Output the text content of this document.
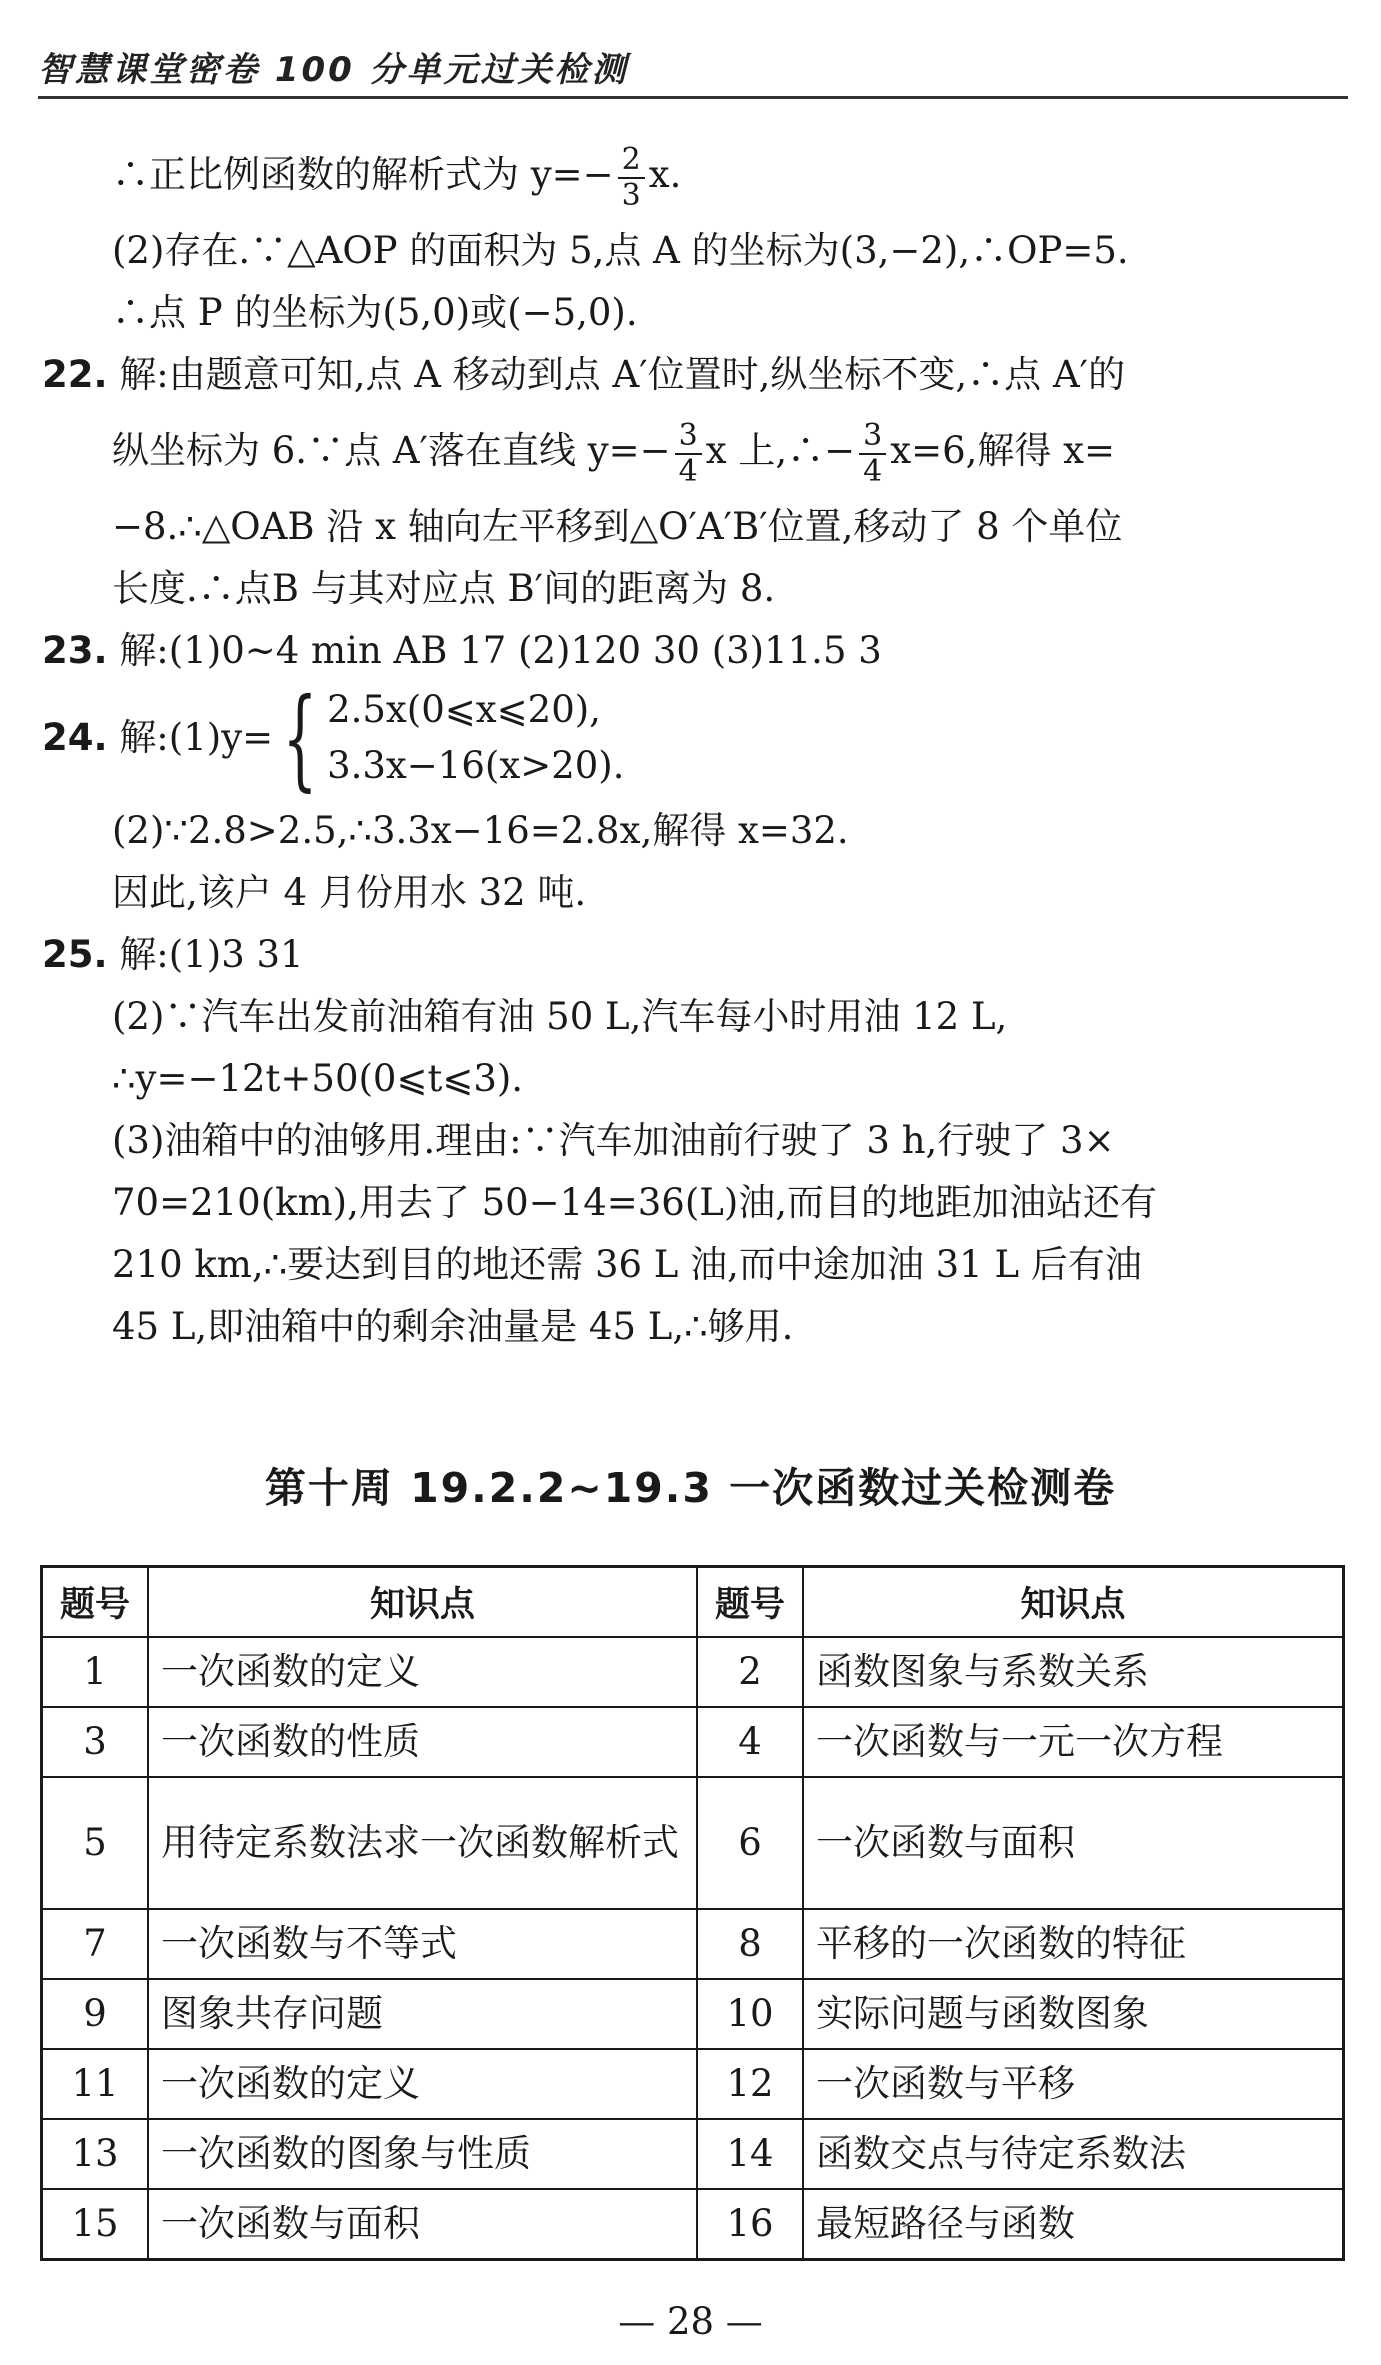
智慧课堂密卷 100 分单元过关检测
∴正比例函数的解析式为 $y=- \frac{2}{3} x$.
(2)存在.∵△AOP 的面积为 5,点 A 的坐标为(3,−2),∴OP=5.
∴点 P 的坐标为(5,0)或(−5,0).
22. 解:由题意可知,点 A 移动到点 A′位置时,纵坐标不变,∴点 A′的
纵坐标为 6.∵点 A′落在直线 $y=- \frac{3}{4}$ x 上,∴− $\frac{3}{4} x=6$,解得 x=
−8.∴△OAB 沿 x 轴向左平移到△O′A′B′位置,移动了 8 个单位
长度.∴点B 与其对应点 B′间的距离为 8.
23. 解:(1)0~4 min AB 17 (2)120 30 (3)11.5 3
24.
解:(1)y= { 2.5x(0⩽x⩽20),
3.3x−16(x>20).
(2)∵2.8>2.5,∴3.3x−16=2.8x,解得 x=32.
因此,该户 4 月份用水 32 吨.
25. 解:(1)3 31
(2)∵汽车出发前油箱有油 50 L,汽车每小时用油 12 L,
∴y=−12t+50(0⩽t⩽3).
(3)油箱中的油够用.理由:∵汽车加油前行驶了 3 h,行驶了 3×
70=210(km),用去了 50−14=36(L)油,而目的地距加油站还有
210 km,∴要达到目的地还需 36 L 油,而中途加油 31 L 后有油
45 L,即油箱中的剩余油量是 45 L,∴够用.
第十周 19.2.2~19.3 一次函数过关检测卷
题号	知识点	题号	知识点
1	一次函数的定义	2	函数图象与系数关系
3	一次函数的性质	4	一次函数与一元一次方程
5	用待定系数法求一次函数解析式	6	一次函数与面积
7	一次函数与不等式	8	平移的一次函数的特征
9	图象共存问题	10	实际问题与函数图象
11	一次函数的定义	12	一次函数与平移
13	一次函数的图象与性质	14	函数交点与待定系数法
15	一次函数与面积	16	最短路径与函数
— 28 —
